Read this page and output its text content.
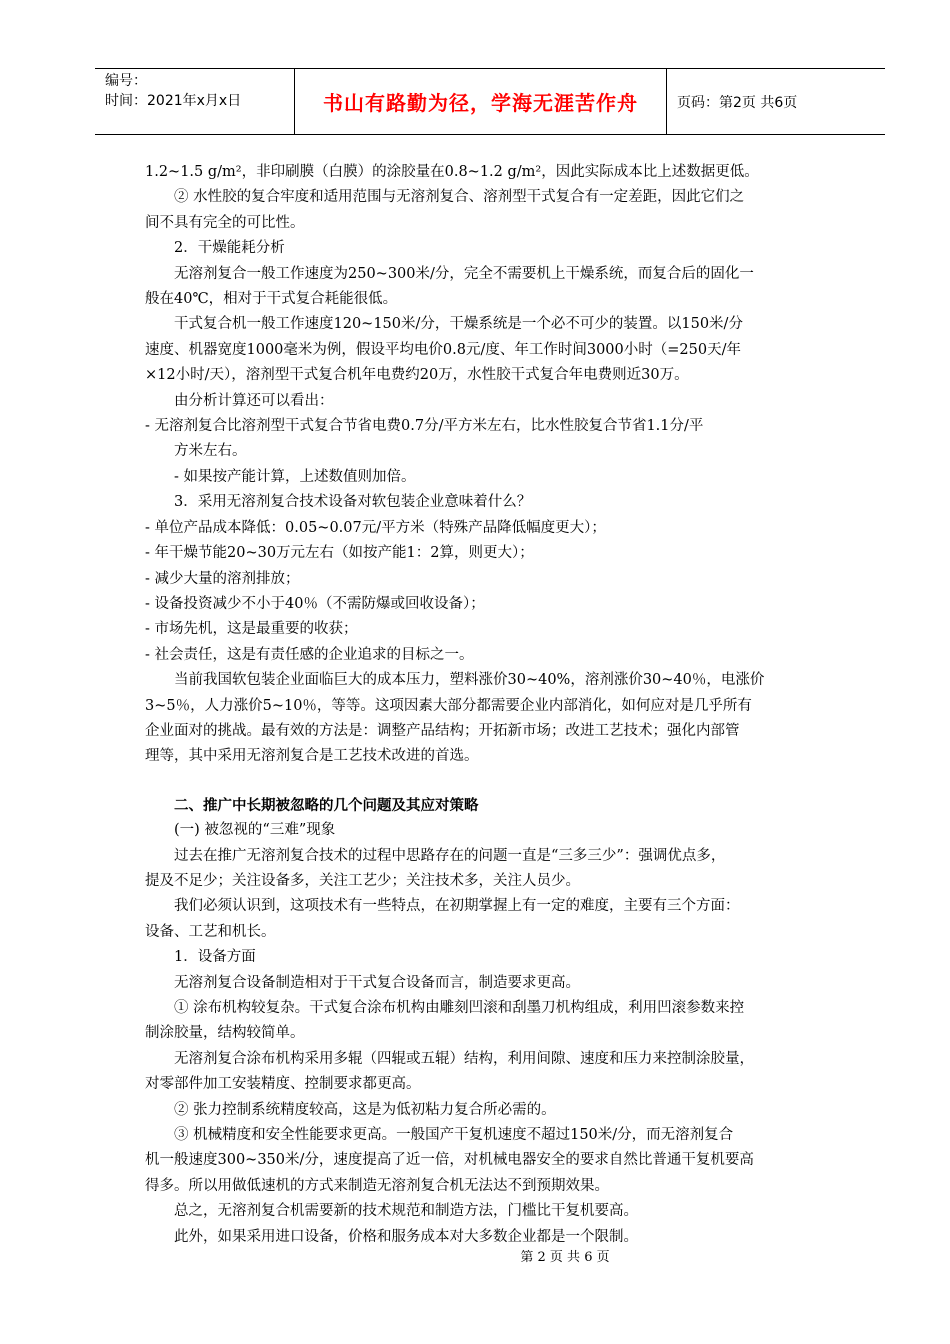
编号：
时间：2021年x月x日	书山有路勤为径，学海无涯苦作舟	页码：第2页 共6页

1.2~1.5 g/m²，非印刷膜（白膜）的涂胶量在0.8~1.2 g/m²，因此实际成本比上述数据更低。

② 水性胶的复合牢度和适用范围与无溶剂复合、溶剂型干式复合有一定差距，因此它们之

间不具有完全的可比性。

2．干燥能耗分析

无溶剂复合一般工作速度为250~300米/分，完全不需要机上干燥系统，而复合后的固化一

般在40℃，相对于干式复合耗能很低。

干式复合机一般工作速度120~150米/分，干燥系统是一个必不可少的装置。以150米/分

速度、机器宽度1000毫米为例，假设平均电价0.8元/度、年工作时间3000小时（=250天/年

×12小时/天），溶剂型干式复合机年电费约20万，水性胶干式复合年电费则近30万。

由分析计算还可以看出：

- 无溶剂复合比溶剂型干式复合节省电费0.7分/平方米左右，比水性胶复合节省1.1分/平

方米左右。

- 如果按产能计算，上述数值则加倍。

3．采用无溶剂复合技术设备对软包装企业意味着什么？

- 单位产品成本降低：0.05~0.07元/平方米（特殊产品降低幅度更大）；

- 年干燥节能20~30万元左右（如按产能1：2算，则更大）；

- 减少大量的溶剂排放；

- 设备投资减少不小于40％（不需防爆或回收设备）；

- 市场先机，这是最重要的收获；

- 社会责任，这是有责任感的企业追求的目标之一。

当前我国软包装企业面临巨大的成本压力，塑料涨价30~40%，溶剂涨价30~40％，电涨价

3~5％，人力涨价5~10％，等等。这项因素大部分都需要企业内部消化，如何应对是几乎所有

企业面对的挑战。最有效的方法是：调整产品结构；开拓新市场；改进工艺技术；强化内部管

理等，其中采用无溶剂复合是工艺技术改进的首选。

二、推广中长期被忽略的几个问题及其应对策略

(一) 被忽视的“三难”现象

过去在推广无溶剂复合技术的过程中思路存在的问题一直是“三多三少”：强调优点多，

提及不足少；关注设备多，关注工艺少；关注技术多，关注人员少。

我们必须认识到，这项技术有一些特点，在初期掌握上有一定的难度，主要有三个方面：

设备、工艺和机长。

1．设备方面

无溶剂复合设备制造相对于干式复合设备而言，制造要求更高。

① 涂布机构较复杂。干式复合涂布机构由雕刻凹滚和刮墨刀机构组成，利用凹滚参数来控

制涂胶量，结构较简单。

无溶剂复合涂布机构采用多辊（四辊或五辊）结构，利用间隙、速度和压力来控制涂胶量，

对零部件加工安装精度、控制要求都更高。

② 张力控制系统精度较高，这是为低初粘力复合所必需的。

③ 机械精度和安全性能要求更高。一般国产干复机速度不超过150米/分，而无溶剂复合

机一般速度300~350米/分，速度提高了近一倍，对机械电器安全的要求自然比普通干复机要高

得多。所以用做低速机的方式来制造无溶剂复合机无法达不到预期效果。

总之，无溶剂复合机需要新的技术规范和制造方法，门槛比干复机要高。

此外，如果采用进口设备，价格和服务成本对大多数企业都是一个限制。

第 2 页 共 6 页
